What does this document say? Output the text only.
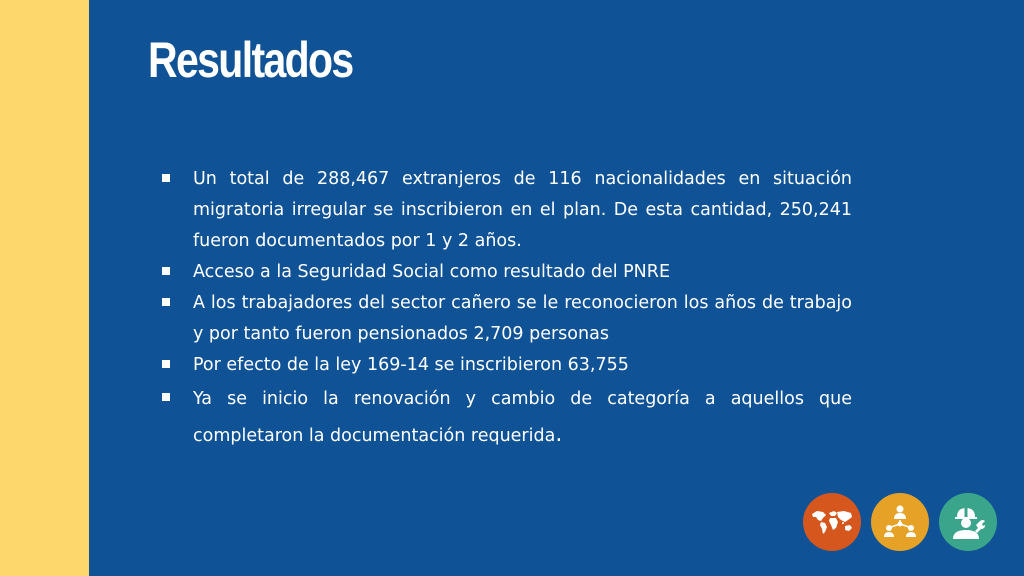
Resultados
Un total de 288,467 extranjeros de 116 nacionalidades en situación migratoria irregular se inscribieron en el plan. De esta cantidad, 250,241 fueron documentados por 1 y 2 años.
Acceso a la Seguridad Social como resultado del PNRE
A los trabajadores del sector cañero se le reconocieron los años de trabajo y por tanto fueron pensionados 2,709 personas
Por efecto de la ley 169-14 se inscribieron 63,755
Ya se inicio la renovación y cambio de categoría a aquellos que completaron la documentación requerida.
